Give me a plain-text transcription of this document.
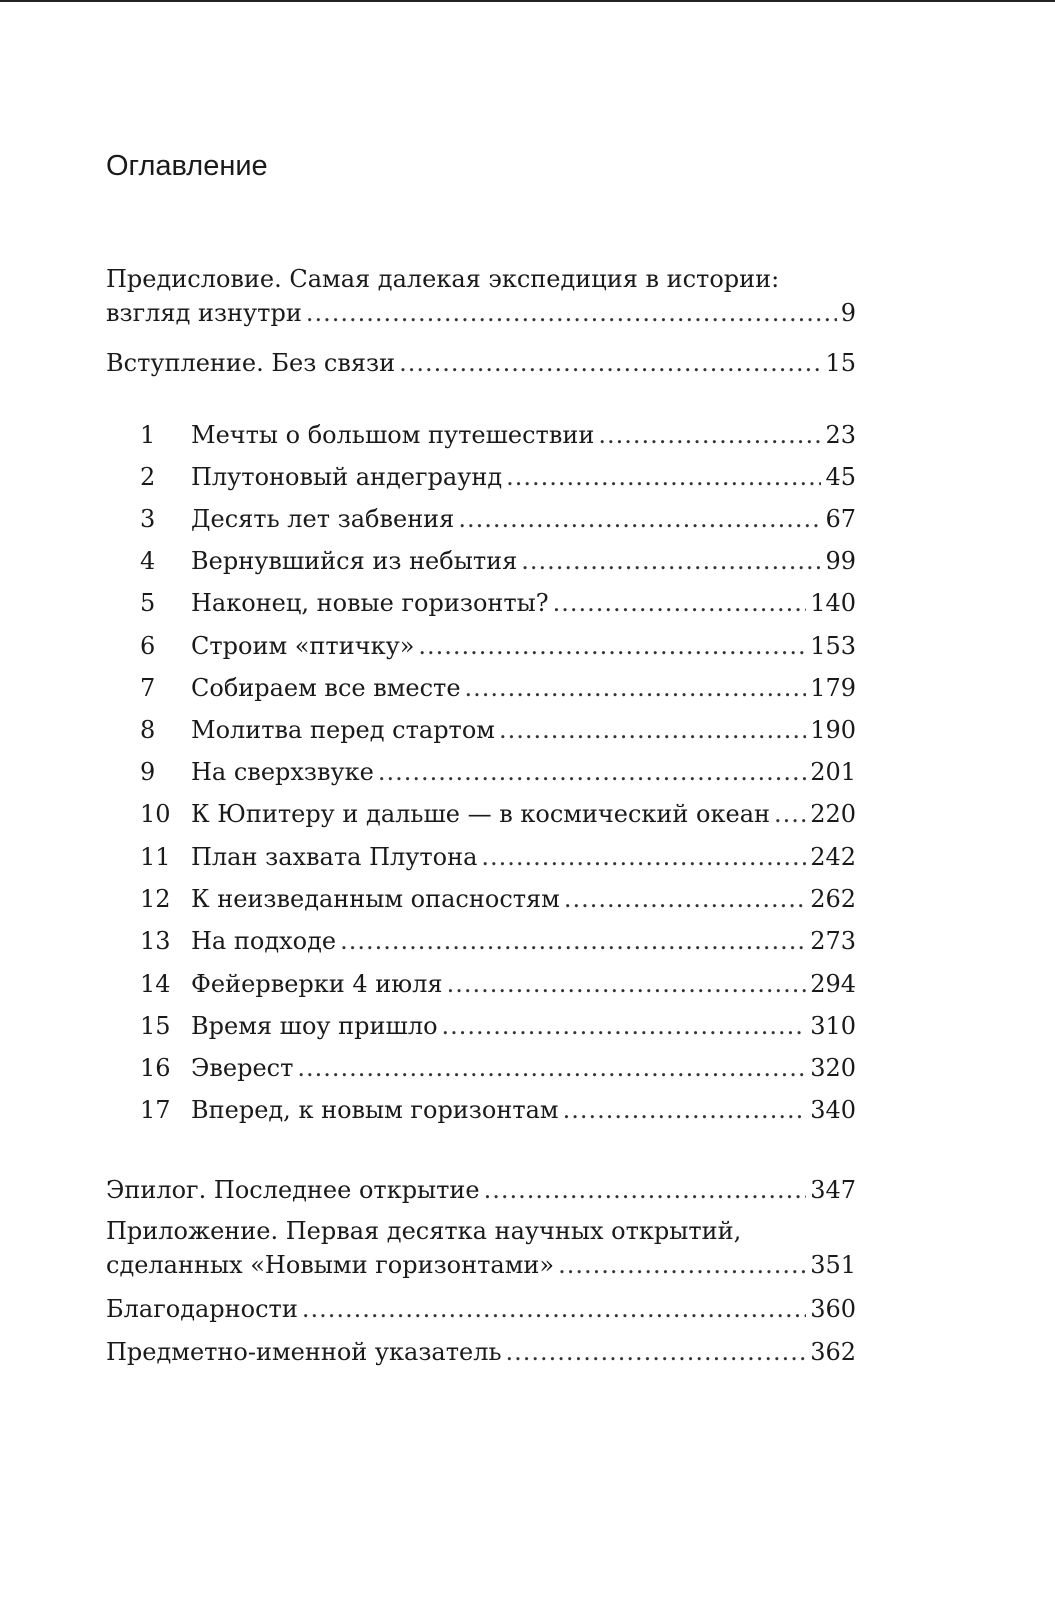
Оглавление
Предисловие. Самая далекая экспедиция в истории:
взгляд изнутри .....	9
Вступление. Без связи .....	15
1	Мечты о большом путешествии .....	23
2	Плутоновый андеграунд .....	45
3	Десять лет забвения .....	67
4	Вернувшийся из небытия .....	99
5	Наконец, новые горизонты? .....	140
6	Строим «птичку» .....	153
7	Собираем все вместе .....	179
8	Молитва перед стартом .....	190
9	На сверхзвуке .....	201
10 К Юпитеру и дальше — в космический океан ..... 220
11 План захвата Плутона .....	242
12 К неизведанным опасностям .....	262
13 На подходе .....	273
14 Фейерверки 4 июля .....	294
15 Время шоу пришло .....	310
16 Эверест .....	320
17 Вперед, к новым горизонтам .....	340
Эпилог. Последнее открытие .....	347
Приложение. Первая десятка научных открытий,
сделанных «Новыми горизонтами» .....	351
Благодарности .....	360
Предметно-именной указатель .....	362
